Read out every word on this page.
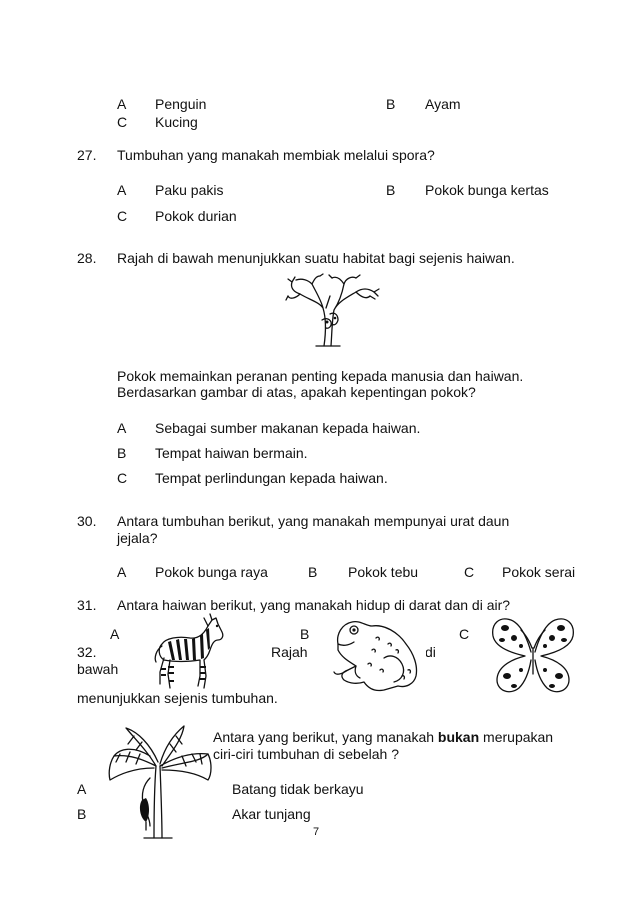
A Penguin	B Ayam
C Kucing
27. Tumbuhan yang manakah membiak melalui spora?
A Paku pakis	B Pokok bunga kertas
C Pokok durian
28. Rajah di bawah menunjukkan suatu habitat bagi sejenis haiwan.
Pokok memainkan peranan penting kepada manusia dan haiwan.
Berdasarkan gambar di atas, apakah kepentingan pokok?
A Sebagai sumber makanan kepada haiwan.
B Tempat haiwan bermain.
C Tempat perlindungan kepada haiwan.
30. Antara tumbuhan berikut, yang manakah mempunyai urat daun
jejala?
A Pokok bunga raya	B Pokok tebu	C Pokok serai
31. Antara haiwan berikut, yang manakah hidup di darat dan di air?
A	B	C
32.	Rajah	di
bawah
menunjukkan sejenis tumbuhan.
Antara yang berikut, yang manakah bukan merupakan
ciri-ciri tumbuhan di sebelah ?
A	Batang tidak berkayu
B	Akar tunjang
7
